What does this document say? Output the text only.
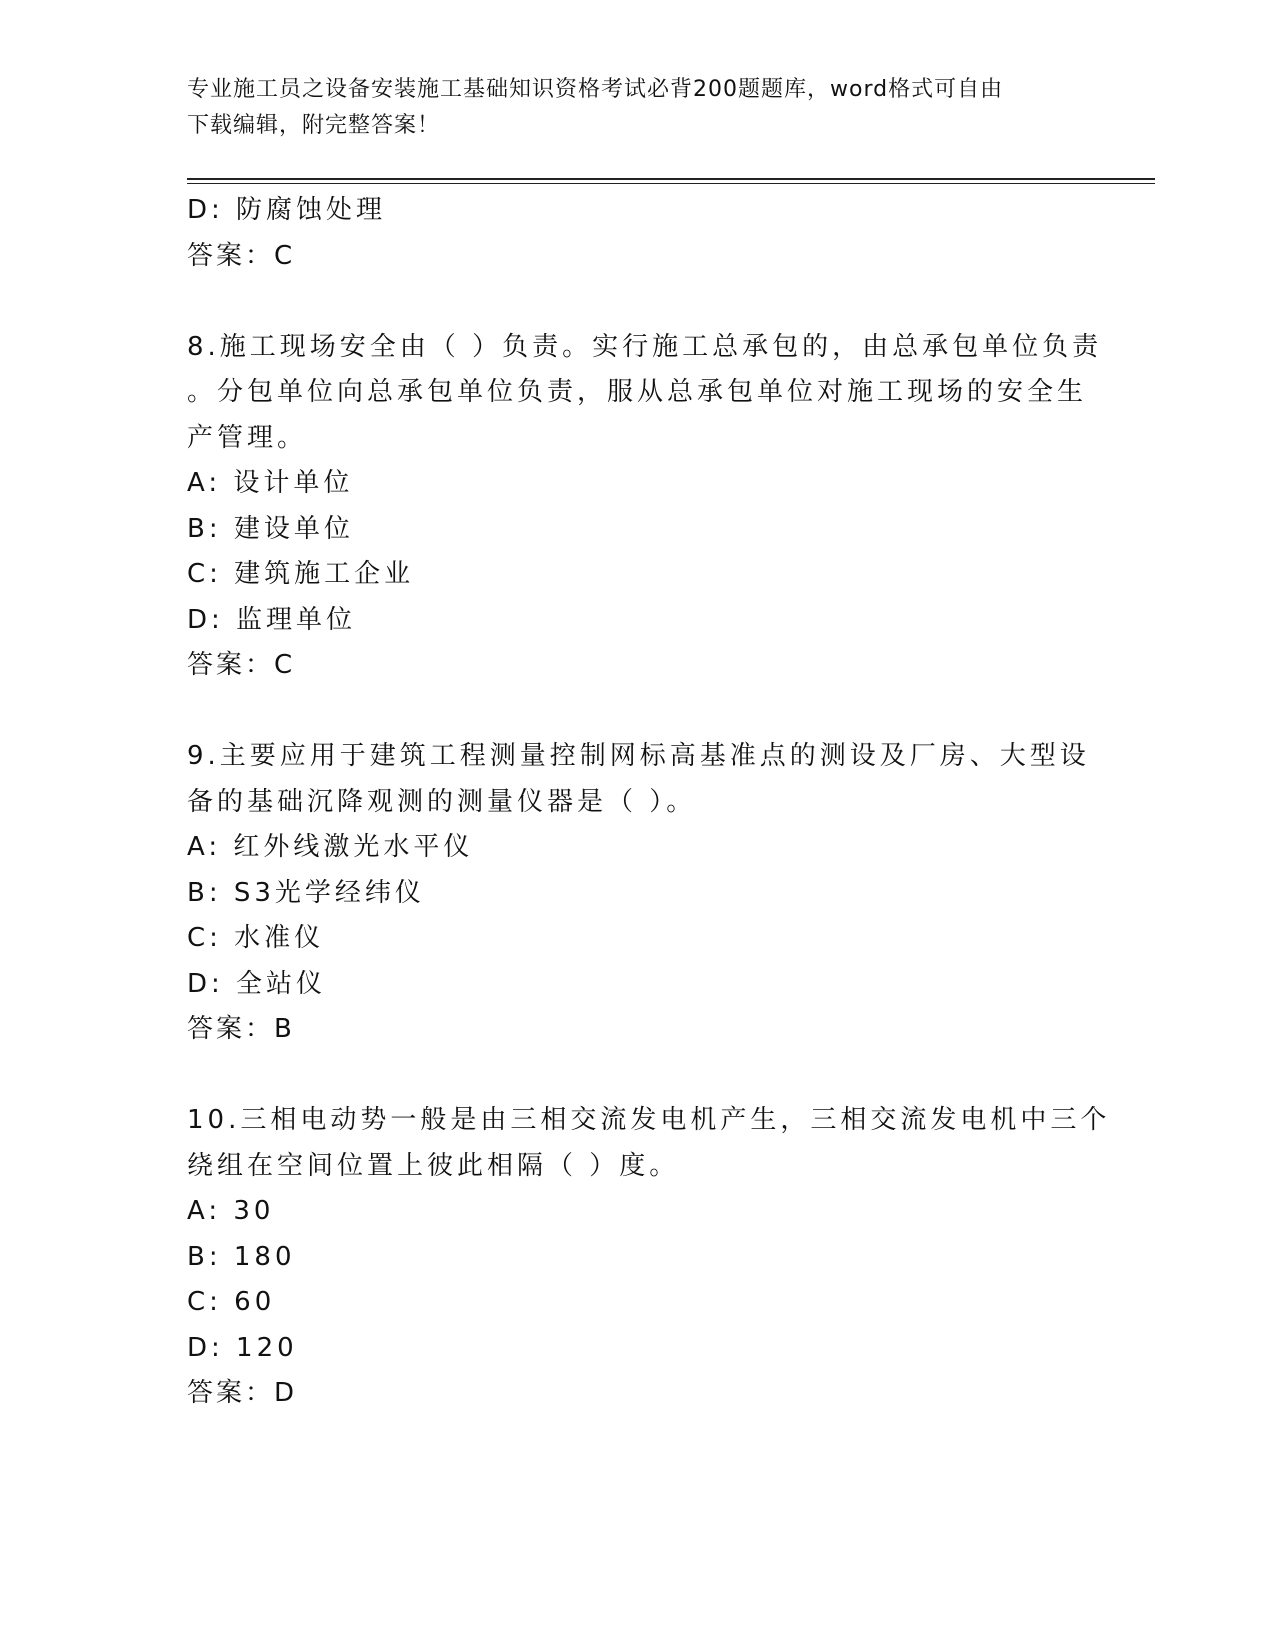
专业施工员之设备安装施工基础知识资格考试必背200题题库，word格式可自由
下载编辑，附完整答案！
D: 防腐蚀处理
答案：C
8.施工现场安全由（ ）负责。实行施工总承包的，由总承包单位负责
。分包单位向总承包单位负责，服从总承包单位对施工现场的安全生
产管理。
A: 设计单位
B: 建设单位
C: 建筑施工企业
D: 监理单位
答案：C
9.主要应用于建筑工程测量控制网标高基准点的测设及厂房、大型设
备的基础沉降观测的测量仪器是（ ）。
A: 红外线激光水平仪
B: S3光学经纬仪
C: 水准仪
D: 全站仪
答案：B
10.三相电动势一般是由三相交流发电机产生，三相交流发电机中三个
绕组在空间位置上彼此相隔（ ）度。
A: 30
B: 180
C: 60
D: 120
答案：D
